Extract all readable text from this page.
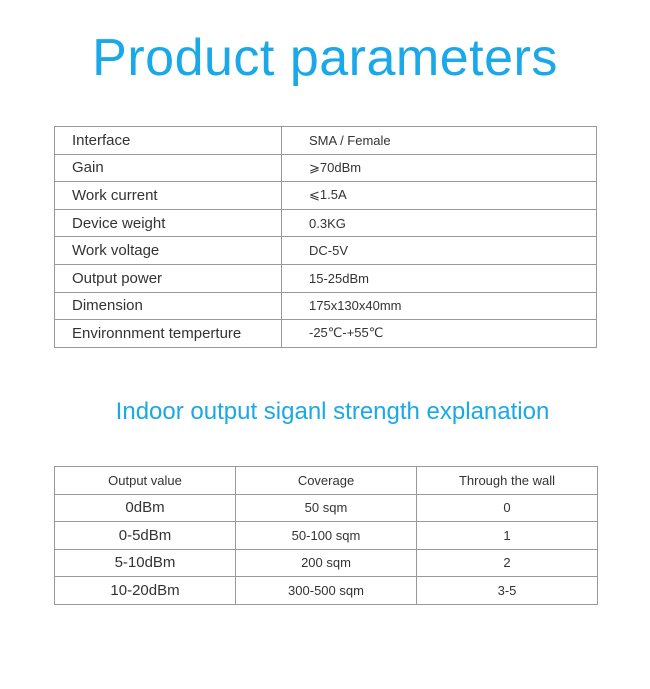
Product parameters
Interface	SMA / Female
Gain	⩾70dBm
Work current	⩽1.5A
Device weight	0.3KG
Work voltage	DC-5V
Output power	15-25dBm
Dimension	175x130x40mm
Environnment temperture	-25℃-+55℃
Indoor output siganl strength explanation
Output value	Coverage	Through the wall
0dBm	50 sqm	0
0-5dBm	50-100 sqm	1
5-10dBm	200 sqm	2
10-20dBm	300-500 sqm	3-5
